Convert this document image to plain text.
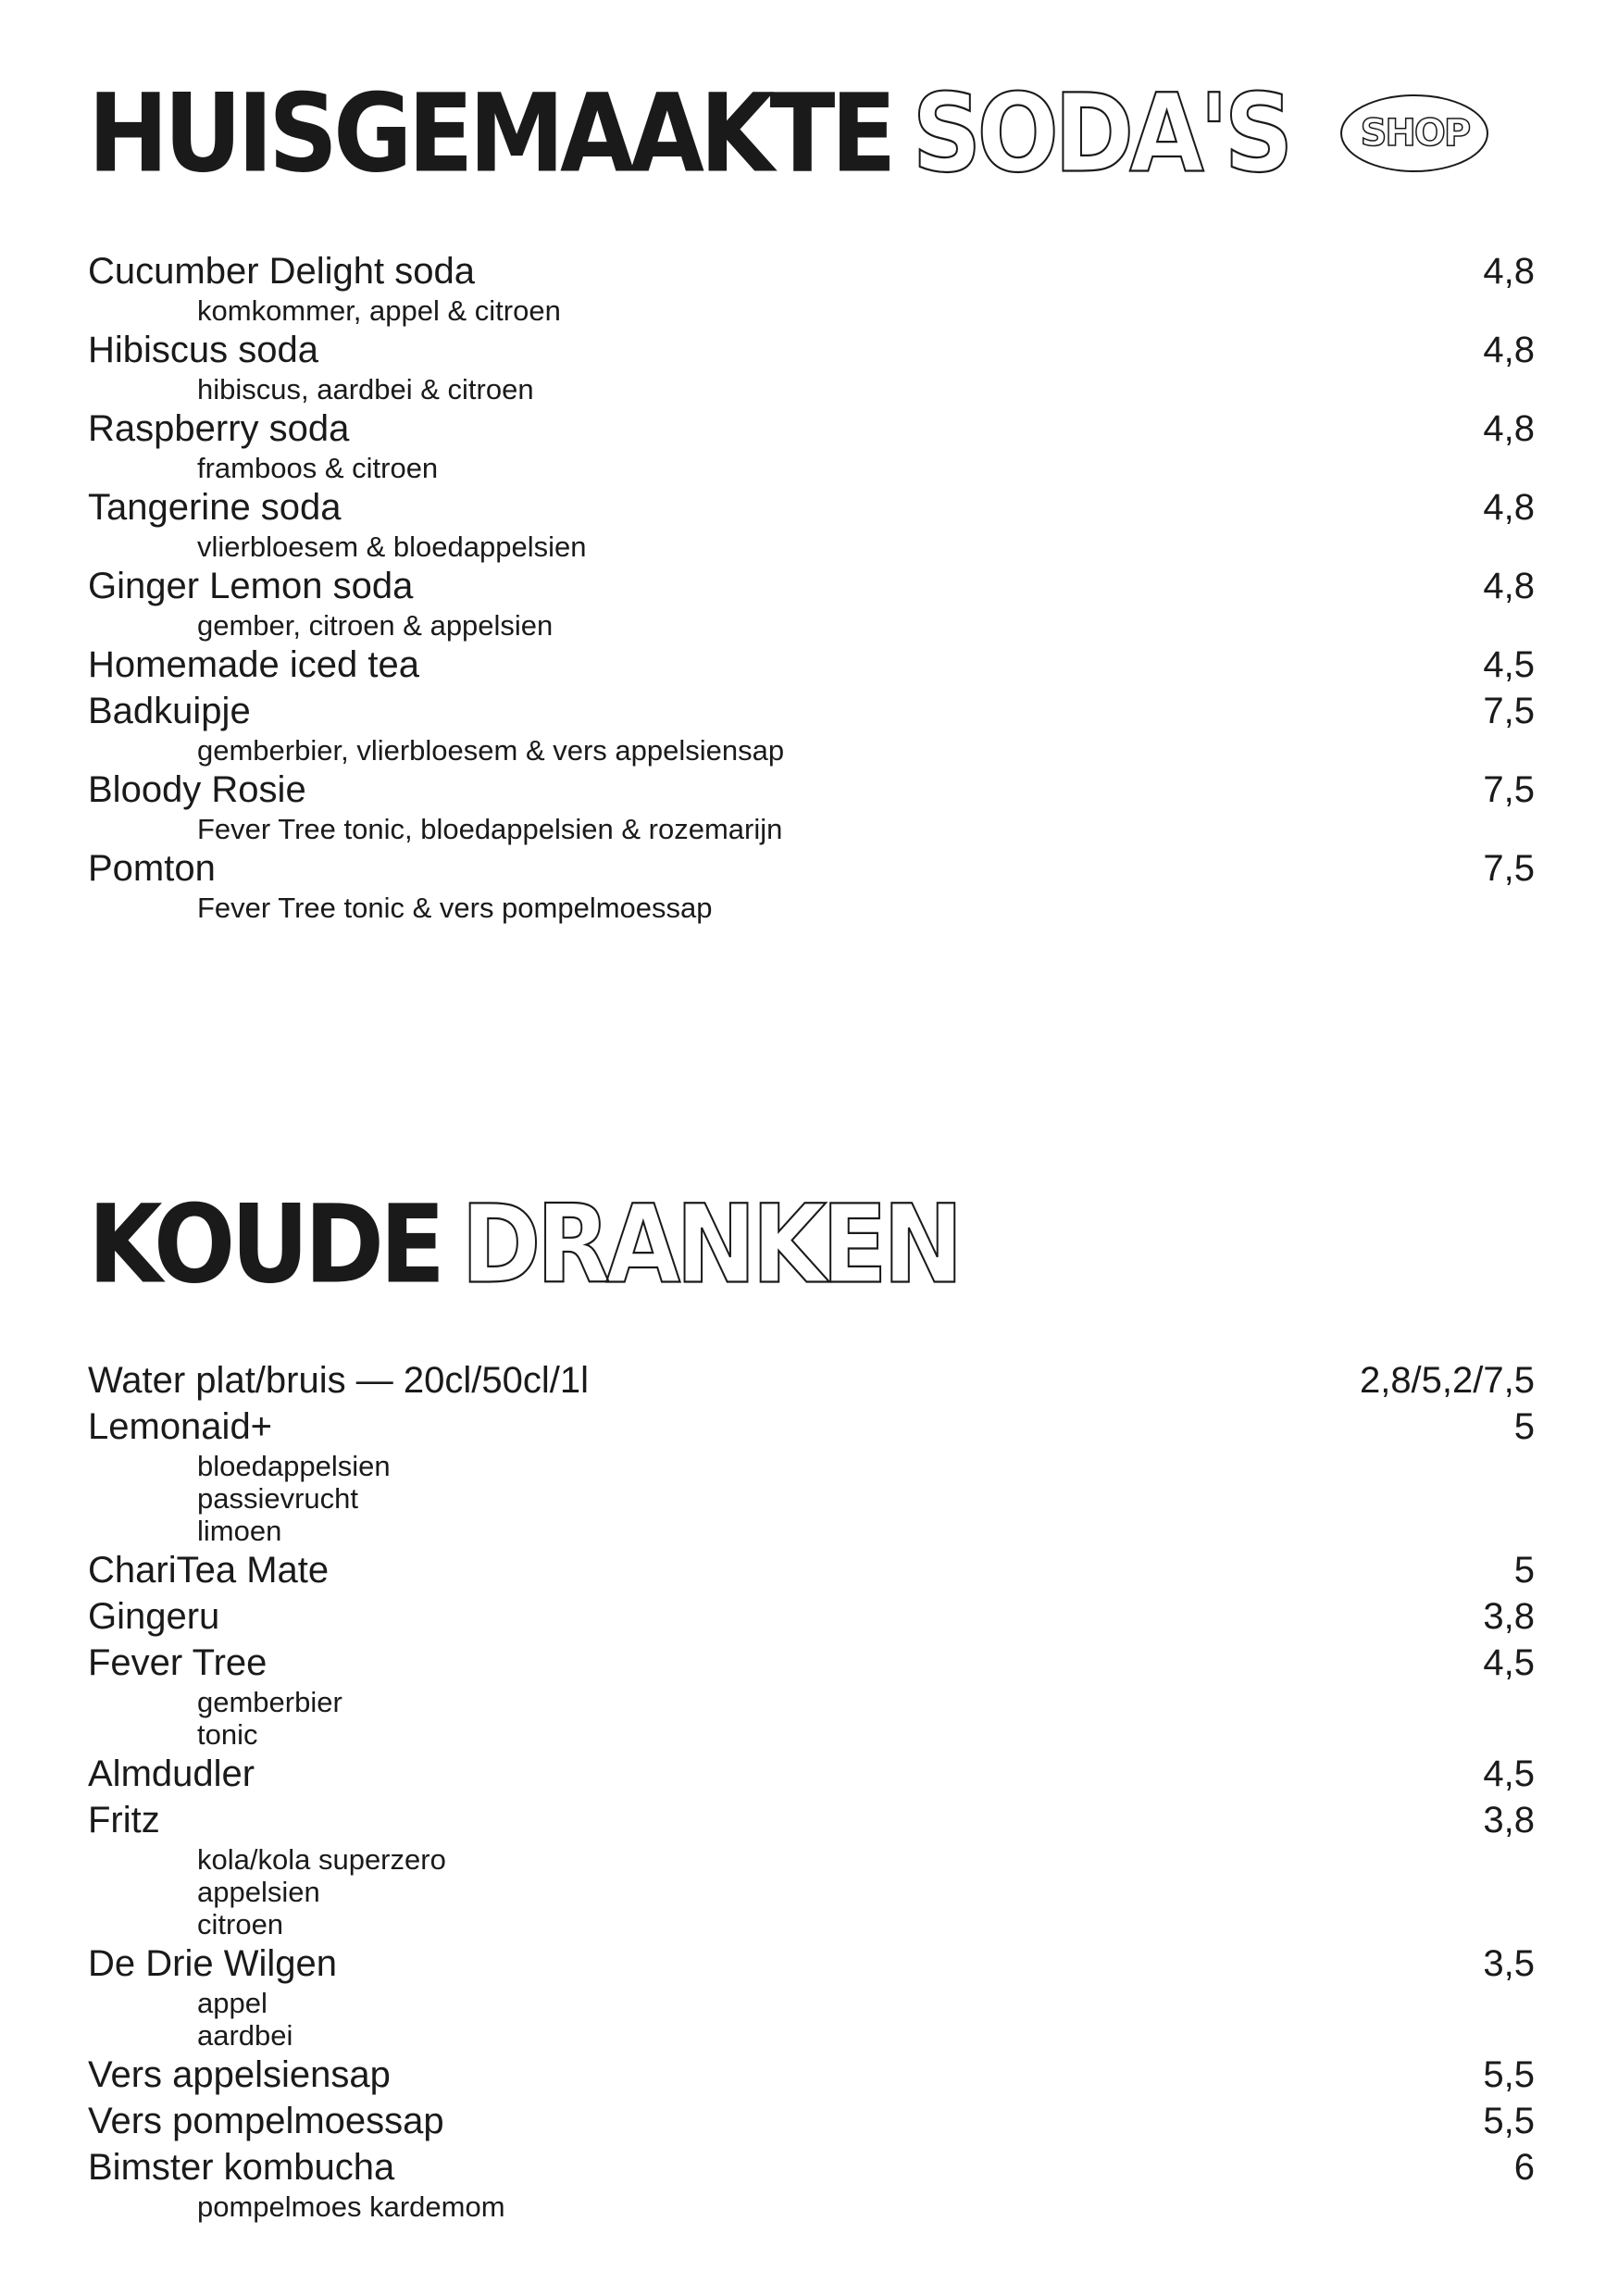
HUISGEMAAKTE SODA'S SHOP
Cucumber Delight soda	4,8
komkommer, appel & citroen
Hibiscus soda	4,8
hibiscus, aardbei & citroen
Raspberry soda	4,8
framboos & citroen
Tangerine soda	4,8
vlierbloesem & bloedappelsien
Ginger Lemon soda	4,8
gember, citroen & appelsien
Homemade iced tea	4,5
Badkuipje	7,5
gemberbier, vlierbloesem & vers appelsiensap
Bloody Rosie	7,5
Fever Tree tonic, bloedappelsien & rozemarijn
Pomton	7,5
Fever Tree tonic & vers pompelmoessap
KOUDE DRANKEN
Water plat/bruis — 20cl/50cl/1l	2,8/5,2/7,5
Lemonaid+	5
bloedappelsien
passievrucht
limoen
ChariTea Mate	5
Gingeru	3,8
Fever Tree	4,5
gemberbier
tonic
Almdudler	4,5
Fritz	3,8
kola/kola superzero
appelsien
citroen
De Drie Wilgen	3,5
appel
aardbei
Vers appelsiensap	5,5
Vers pompelmoessap	5,5
Bimster kombucha	6
pompelmoes kardemom
